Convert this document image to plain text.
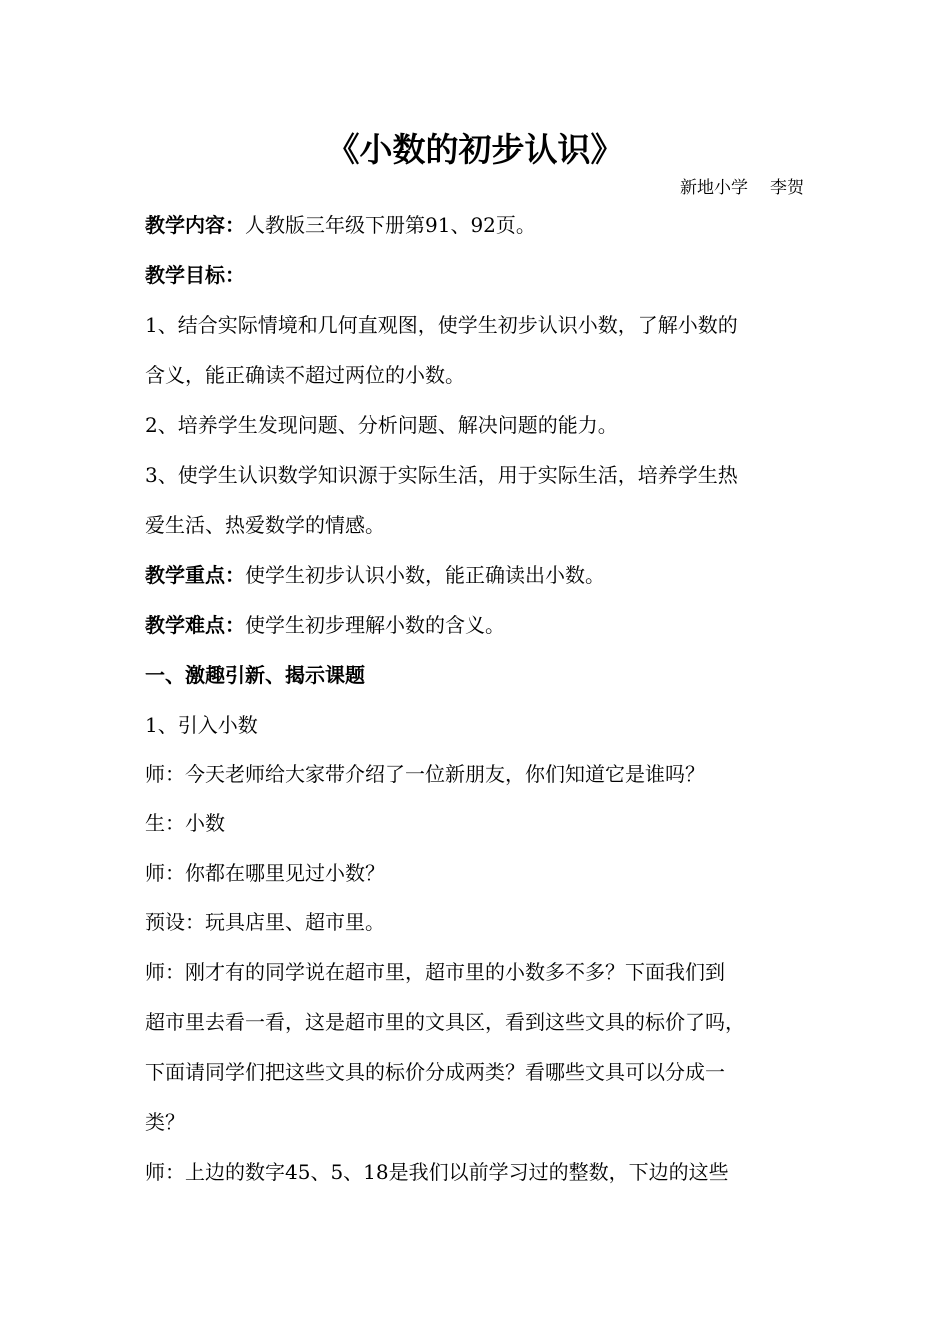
《小数的初步认识》
新地小学 李贺
教学内容：人教版三年级下册第91、92页。
教学目标：
1、结合实际情境和几何直观图，使学生初步认识小数，了解小数的
含义，能正确读不超过两位的小数。
2、培养学生发现问题、分析问题、解决问题的能力。
3、使学生认识数学知识源于实际生活，用于实际生活，培养学生热
爱生活、热爱数学的情感。
教学重点：使学生初步认识小数，能正确读出小数。
教学难点：使学生初步理解小数的含义。
一、激趣引新、揭示课题
1、引入小数
师：今天老师给大家带介绍了一位新朋友，你们知道它是谁吗？
生：小数
师：你都在哪里见过小数？
预设：玩具店里、超市里。
师：刚才有的同学说在超市里，超市里的小数多不多？下面我们到
超市里去看一看，这是超市里的文具区，看到这些文具的标价了吗，
下面请同学们把这些文具的标价分成两类？看哪些文具可以分成一
类？
师：上边的数字45、5、18是我们以前学习过的整数，下边的这些
